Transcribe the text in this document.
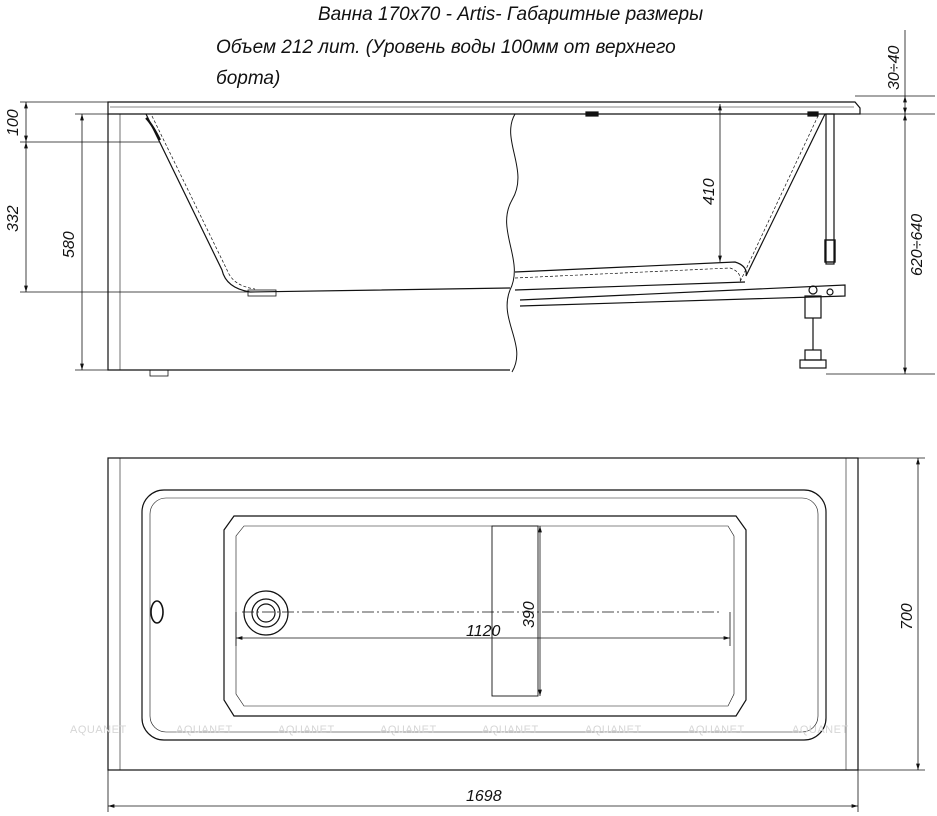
Ванна 170х70 - Artis- Габаритные размеры
Объем 212 лит. (Уровень воды 100мм от верхнего
борта)
100
332
580
410
30÷40
620÷640
1120
390	700
1698
AQUANET	AQUANET	AQUANET	AQUANET	AQUANET	AQUANET	AQUANET	AQUANET
